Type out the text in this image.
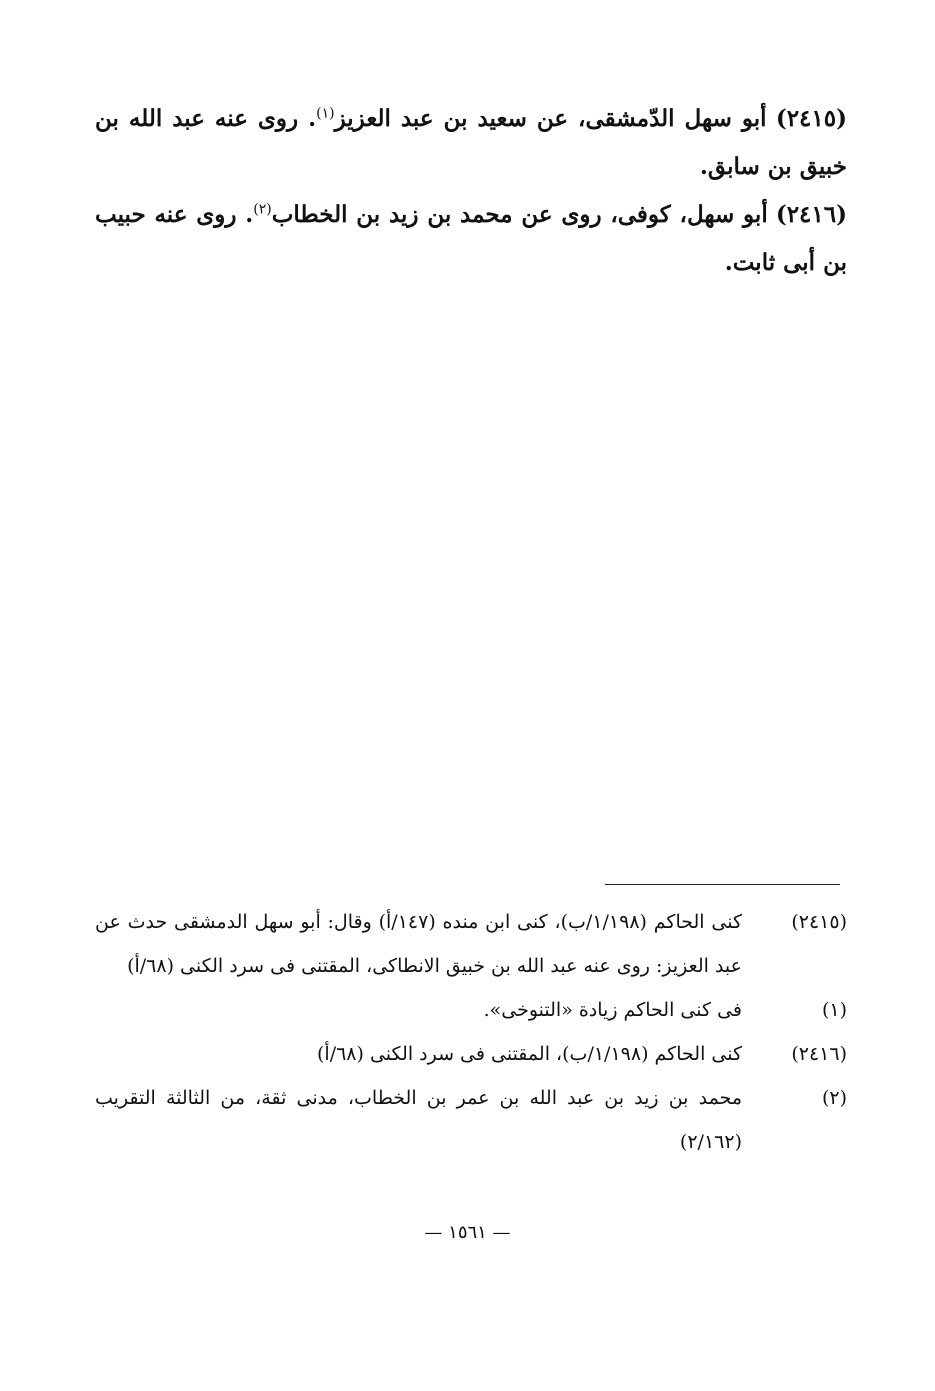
(٢٤١٥) أبو سهل الدّمشقى، عن سعيد بن عبد العزيز$^{(١)}$. روى عنه عبد الله بن خبيق بن سابق.

(٢٤١٦) أبو سهل، كوفى، روى عن محمد بن زيد بن الخطاب$^{(٢)}$. روى عنه حبيب بن أبى ثابت.

(٢٤١٥)
كنى الحاكم (١/١٩٨/ب)، كنى ابن منده (١٤٧/أ) وقال: أبو سهل الدمشقى حدث عن عبد العزيز: روى عنه عبد الله بن خبيق الانطاكى، المقتنى فى سرد الكنى (٦٨/أ)
(١)
فى كنى الحاكم زيادة «التنوخى».
(٢٤١٦)
كنى الحاكم (١/١٩٨/ب)، المقتنى فى سرد الكنى (٦٨/أ)
(٢)
محمد بن زيد بن عبد الله بن عمر بن الخطاب، مدنى ثقة، من الثالثة التقريب (٢/١٦٢)
— ١٥٦١ —
